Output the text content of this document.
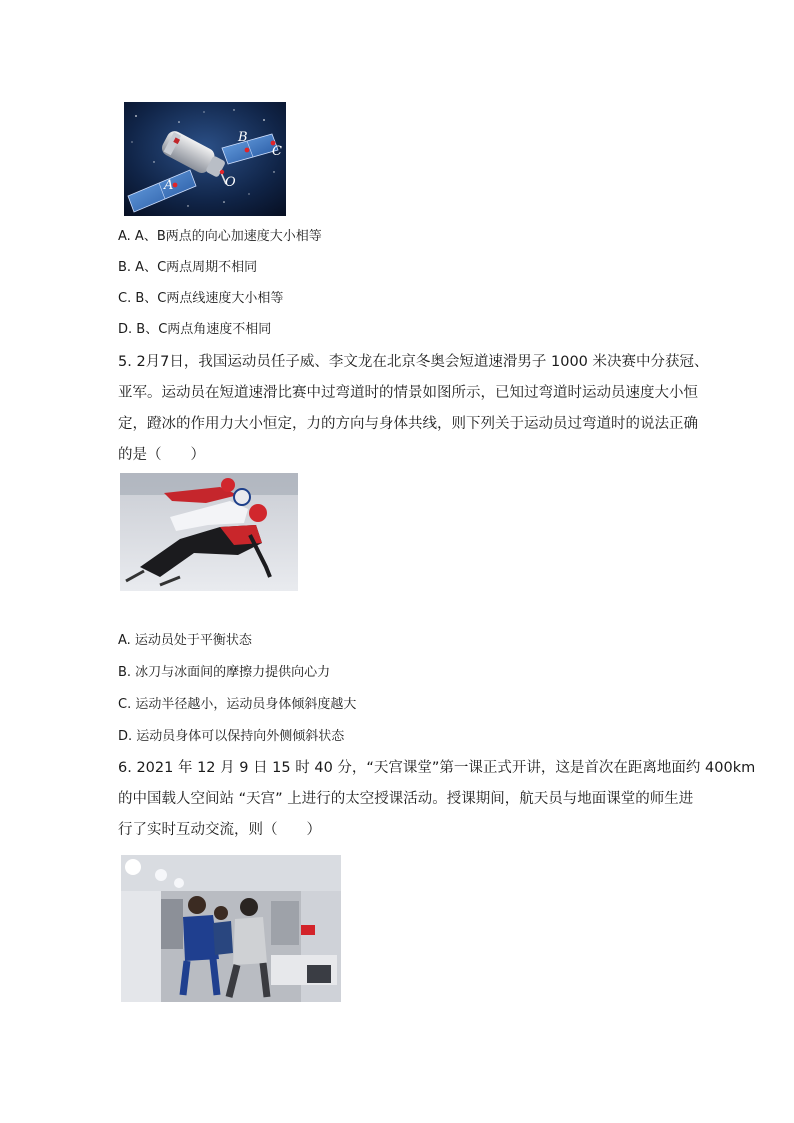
B
C
A	O
A. A、B两点的向心加速度大小相等
B. A、C两点周期不相同
C. B、C两点线速度大小相等
D. B、C两点角速度不相同
5. 2月7日，我国运动员任子威、李文龙在北京冬奥会短道速滑男子 1000 米决赛中分获冠、
亚军。运动员在短道速滑比赛中过弯道时的情景如图所示，已知过弯道时运动员速度大小恒
定，蹬冰的作用力大小恒定，力的方向与身体共线，则下列关于运动员过弯道时的说法正确
的是（　　）
A. 运动员处于平衡状态
B. 冰刀与冰面间的摩擦力提供向心力
C. 运动半径越小，运动员身体倾斜度越大
D. 运动员身体可以保持向外侧倾斜状态
6. 2021 年 12 月 9 日 15 时 40 分，“天宫课堂”第一课正式开讲，这是首次在距离地面约 400km
的中国载人空间站 “天宫” 上进行的太空授课活动。授课期间，航天员与地面课堂的师生进
行了实时互动交流，则（　　）
